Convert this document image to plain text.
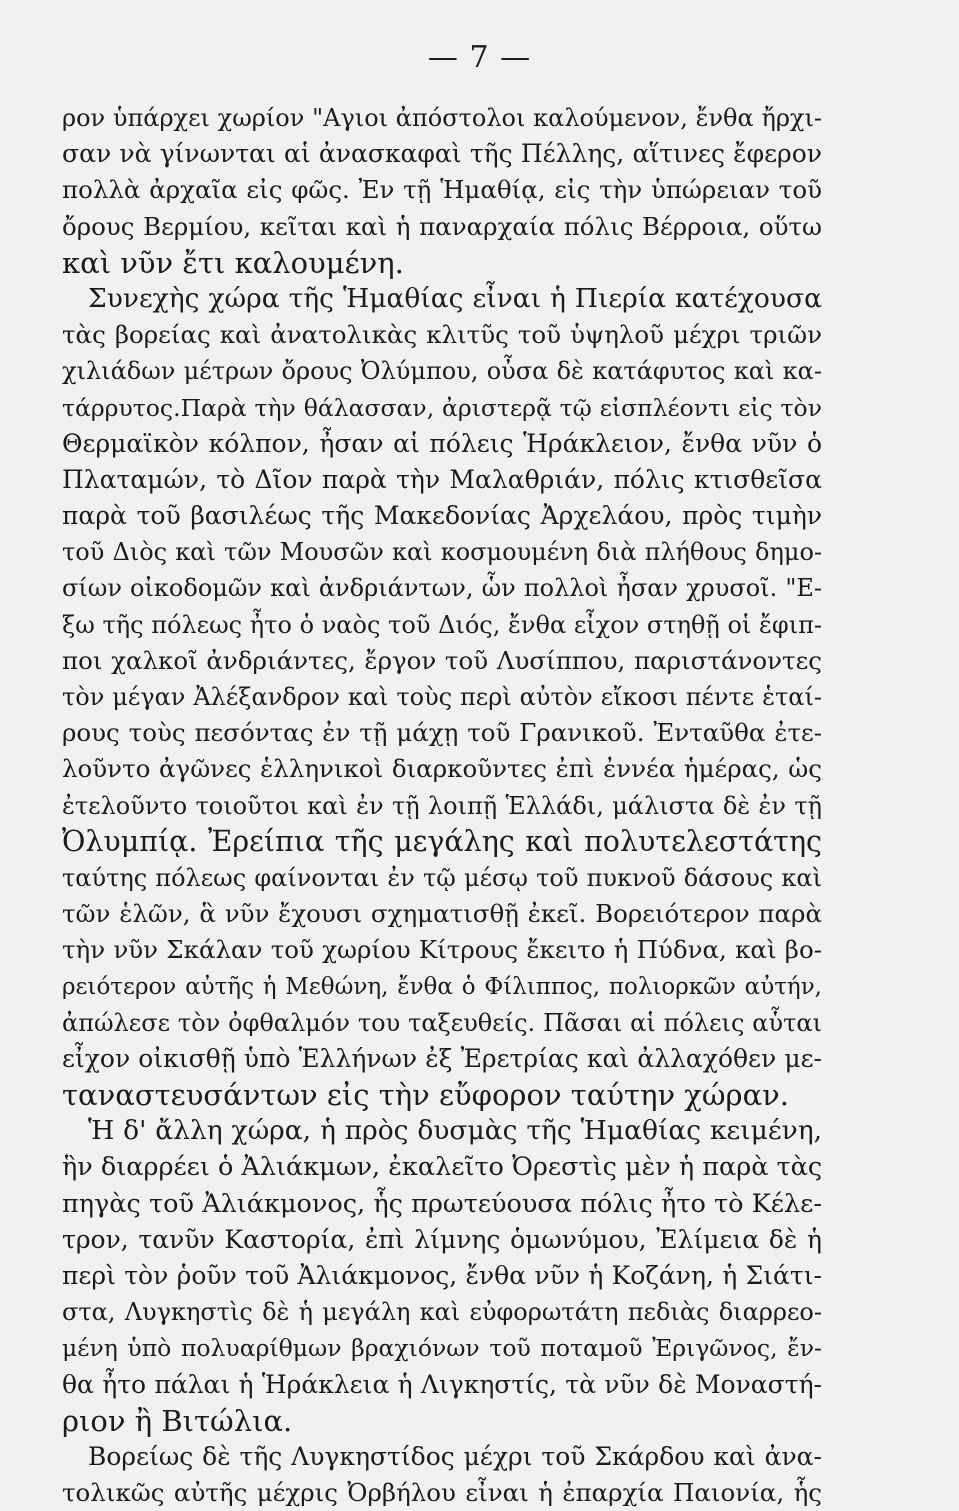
— 7 —
ρον ὑπάρχει χωρίον "Αγιοι ἀπόστολοι καλούμενον, ἔνθα ἤρχι-
σαν νὰ γίνωνται αἱ ἀνασκαφαὶ τῆς Πέλλης, αἵτινες ἔφερον
πολλὰ ἀρχαῖα εἰς φῶς. Ἐν τῇ Ἡμαθίᾳ, εἰς τὴν ὑπώρειαν τοῦ
ὄρους Βερμίου, κεῖται καὶ ἡ παναρχαία πόλις Βέρροια, οὕτω
καὶ νῦν ἔτι καλουμένη.
Συνεχὴς χώρα τῆς Ἡμαθίας εἶναι ἡ Πιερία κατέχουσα
τὰς βορείας καὶ ἀνατολικὰς κλιτῦς τοῦ ὑψηλοῦ μέχρι τριῶν
χιλιάδων μέτρων ὄρους Ὀλύμπου, οὖσα δὲ κατάφυτος καὶ κα-
τάρρυτος.Παρὰ τὴν θάλασσαν, ἀριστερᾷ τῷ εἰσπλέοντι εἰς τὸν
Θερμαϊκὸν κόλπον, ἦσαν αἱ πόλεις Ἡράκλειον, ἔνθα νῦν ὁ
Πλαταμών, τὸ Δῖον παρὰ τὴν Μαλαθριάν, πόλις κτισθεῖσα
παρὰ τοῦ βασιλέως τῆς Μακεδονίας Ἀρχελάου, πρὸς τιμὴν
τοῦ Διὸς καὶ τῶν Μουσῶν καὶ κοσμουμένη διὰ πλήθους δημο-
σίων οἰκοδομῶν καὶ ἀνδριάντων, ὧν πολλοὶ ἦσαν χρυσοῖ. "Ε-
ξω τῆς πόλεως ἦτο ὁ ναὸς τοῦ Διός, ἔνθα εἶχον στηθῇ οἱ ἔφιπ-
ποι χαλκοῖ ἀνδριάντες, ἔργον τοῦ Λυσίππου, παριστάνοντες
τὸν μέγαν Ἀλέξανδρον καὶ τοὺς περὶ αὐτὸν εἴκοσι πέντε ἑταί-
ρους τοὺς πεσόντας ἐν τῇ μάχῃ τοῦ Γρανικοῦ. Ἐνταῦθα ἐτε-
λοῦντο ἀγῶνες ἑλληνικοὶ διαρκοῦντες ἐπὶ ἐννέα ἡμέρας, ὡς
ἐτελοῦντο τοιοῦτοι καὶ ἐν τῇ λοιπῇ Ἑλλάδι, μάλιστα δὲ ἐν τῇ
Ὀλυμπίᾳ. Ἐρείπια τῆς μεγάλης καὶ πολυτελεστάτης
ταύτης πόλεως φαίνονται ἐν τῷ μέσῳ τοῦ πυκνοῦ δάσους καὶ
τῶν ἑλῶν, ἃ νῦν ἔχουσι σχηματισθῇ ἐκεῖ. Βορειότερον παρὰ
τὴν νῦν Σκάλαν τοῦ χωρίου Κίτρους ἔκειτο ἡ Πύδνα, καὶ βο-
ρειότερον αὐτῆς ἡ Μεθώνη, ἔνθα ὁ Φίλιππος, πολιορκῶν αὐτήν,
ἀπώλεσε τὸν ὀφθαλμόν του ταξευθείς. Πᾶσαι αἱ πόλεις αὗται
εἶχον οἰκισθῇ ὑπὸ Ἑλλήνων ἐξ Ἐρετρίας καὶ ἀλλαχόθεν με-
ταναστευσάντων εἰς τὴν εὔφορον ταύτην χώραν.
Ἡ δ' ἄλλη χώρα, ἡ πρὸς δυσμὰς τῆς Ἡμαθίας κειμένη,
ἣν διαρρέει ὁ Ἀλιάκμων, ἐκαλεῖτο Ὀρεστὶς μὲν ἡ παρὰ τὰς
πηγὰς τοῦ Ἀλιάκμονος, ἧς πρωτεύουσα πόλις ἦτο τὸ Κέλε-
τρον, τανῦν Καστορία, ἐπὶ λίμνης ὁμωνύμου, Ἐλίμεια δὲ ἡ
περὶ τὸν ῥοῦν τοῦ Ἀλιάκμονος, ἔνθα νῦν ἡ Κοζάνη, ἡ Σιάτι-
στα, Λυγκηστὶς δὲ ἡ μεγάλη καὶ εὐφορωτάτη πεδιὰς διαρρεο-
μένη ὑπὸ πολυαρίθμων βραχιόνων τοῦ ποταμοῦ Ἐριγῶνος, ἔν-
θα ἦτο πάλαι ἡ Ἡράκλεια ἡ Λιγκηστίς, τὰ νῦν δὲ Μοναστή-
ριον ἢ Βιτώλια.
Βορείως δὲ τῆς Λυγκηστίδος μέχρι τοῦ Σκάρδου καὶ ἀνα-
τολικῶς αὐτῆς μέχρις Ὀρβήλου εἶναι ἡ ἐπαρχία Παιονία, ἧς
